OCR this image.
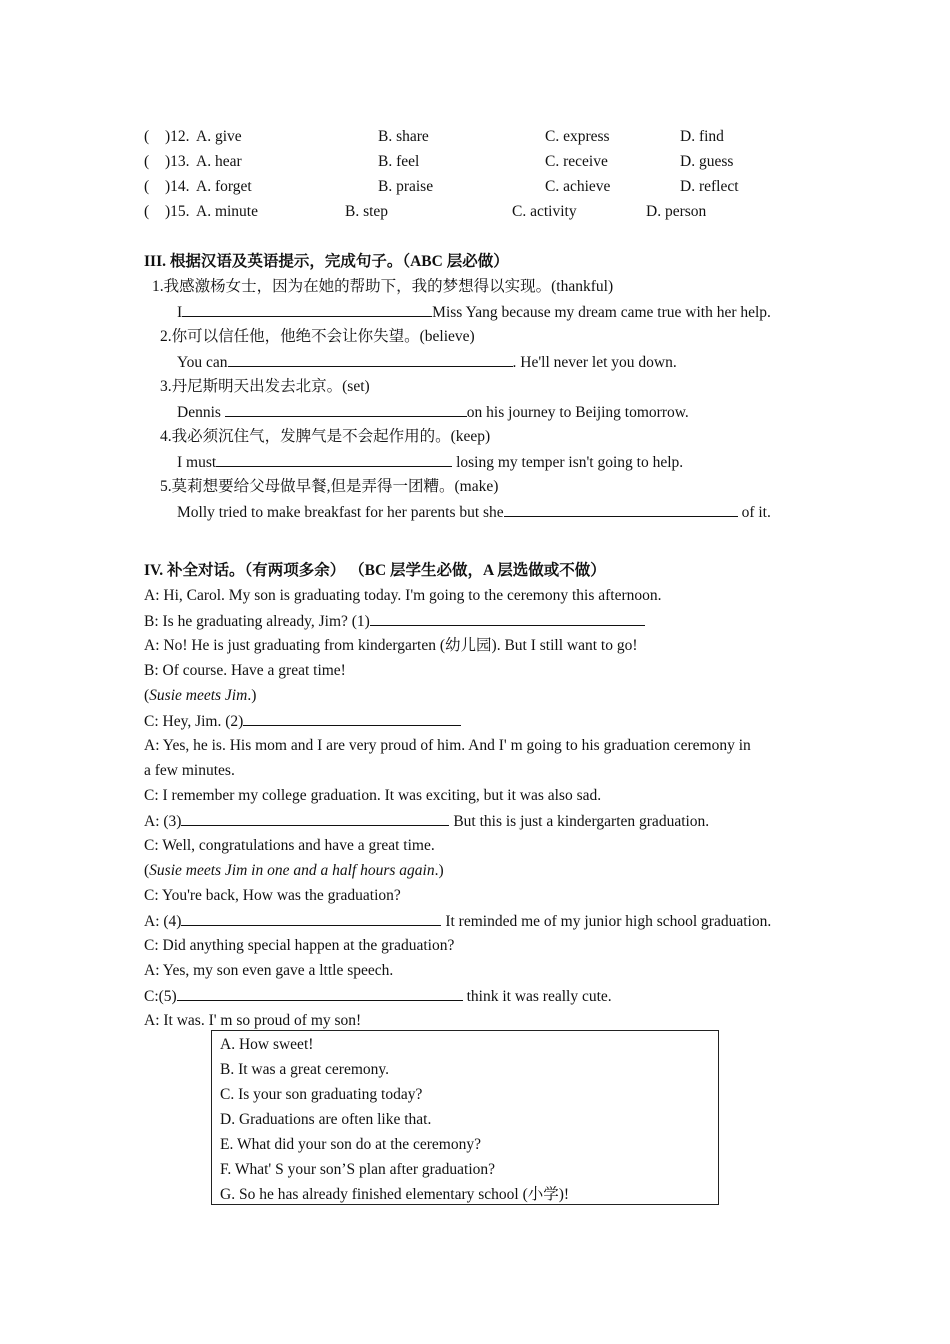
( )12. A. give	B. share	C. express	D. find
( )13. A. hear	B. feel	C. receive	D. guess
( )14. A. forget	B. praise	C. achieve	D. reflect
( )15. A. minute	B. step	C. activity	D. person
III. 根据汉语及英语提示，完成句子。（ABC 层必做）
1.我感激杨女士，因为在她的帮助下，我的梦想得以实现。(thankful)
I	Miss Yang because my dream came true with her help.
2.你可以信任他，他绝不会让你失望。(believe)
You can	. He'll never let you down.
3.丹尼斯明天出发去北京。(set)
Dennis	on his journey to Beijing tomorrow.
4.我必须沉住气，发脾气是不会起作用的。(keep)
I must	losing my temper isn't going to help.
5.莫莉想要给父母做早餐,但是弄得一团糟。(make)
Molly tried to make breakfast for her parents but she	of it.
IV. 补全对话。（有两项多余） （BC 层学生必做，A 层选做或不做）
A: Hi, Carol. My son is graduating today. I'm going to the ceremony this afternoon.
B: Is he graduating already, Jim? (1)
A: No! He is just graduating from kindergarten (幼儿园). But I still want to go!
B: Of course. Have a great time!
(Susie meets Jim.)
C: Hey, Jim. (2)
A: Yes, he is. His mom and I are very proud of him. And I' m going to his graduation ceremony in
a few minutes.
C: I remember my college graduation. It was exciting, but it was also sad.
A: (3)	But this is just a kindergarten graduation.
C: Well, congratulations and have a great time.
(Susie meets Jim in one and a half hours again.)
C: You're back, How was the graduation?
A: (4)	It reminded me of my junior high school graduation.
C: Did anything special happen at the graduation?
A: Yes, my son even gave a lttle speech.
C:(5)	think it was really cute.
A: It was. I' m so proud of my son!
A. How sweet!
B. It was a great ceremony.
C. Is your son graduating today?
D. Graduations are often like that.
E. What did your son do at the ceremony?
F. What' S your son’S plan after graduation?
G. So he has already finished elementary school (小学)!
